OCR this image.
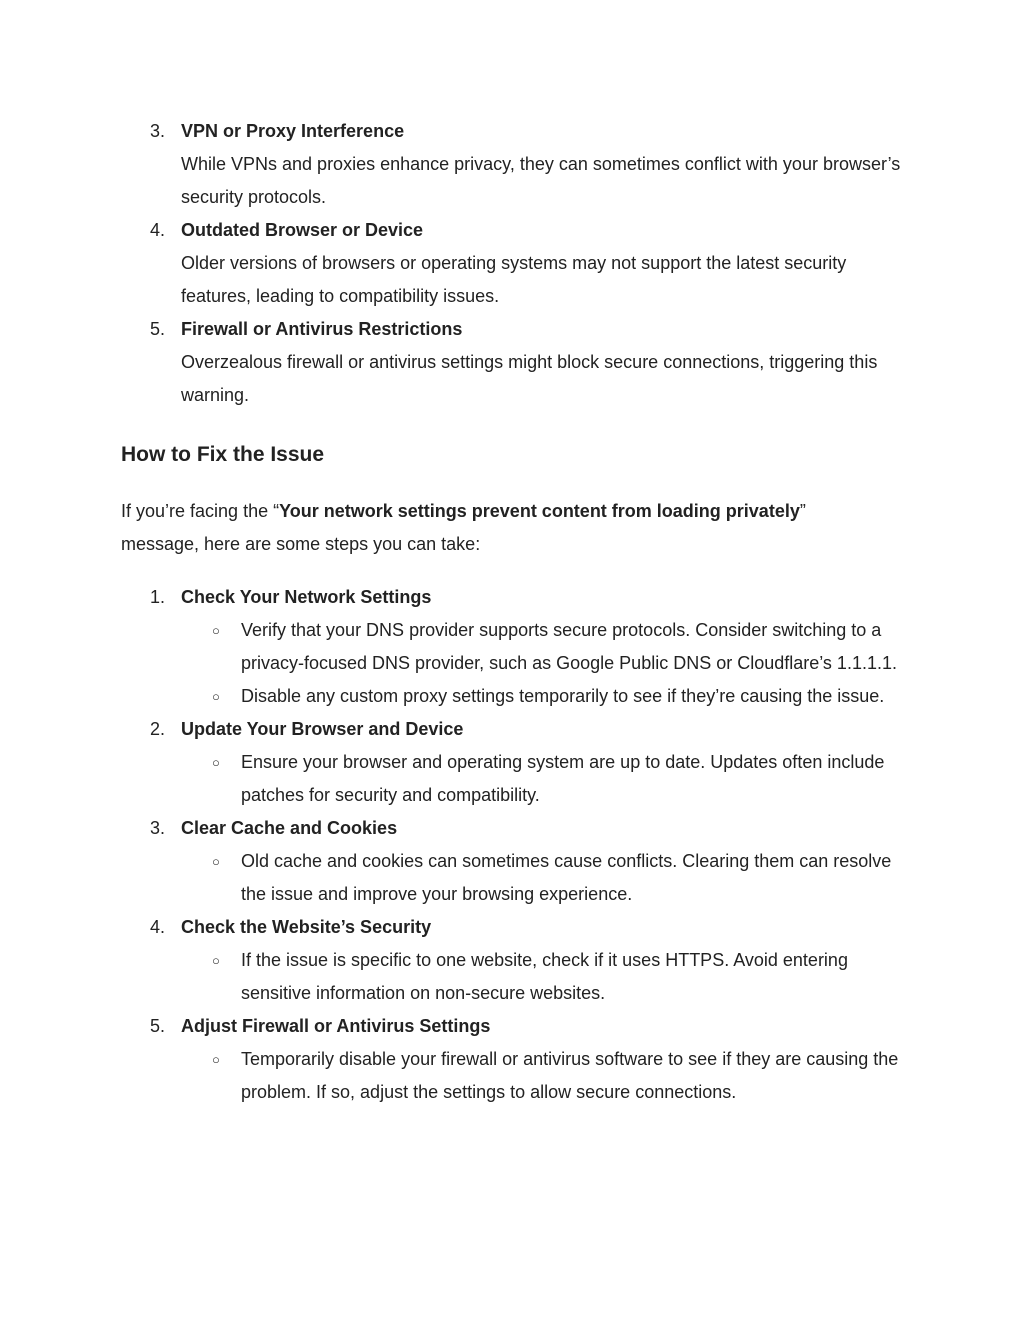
3. VPN or Proxy Interference
While VPNs and proxies enhance privacy, they can sometimes conflict with your browser’s security protocols.
4. Outdated Browser or Device
Older versions of browsers or operating systems may not support the latest security features, leading to compatibility issues.
5. Firewall or Antivirus Restrictions
Overzealous firewall or antivirus settings might block secure connections, triggering this warning.
How to Fix the Issue
If you’re facing the “Your network settings prevent content from loading privately” message, here are some steps you can take:
1. Check Your Network Settings
○ Verify that your DNS provider supports secure protocols. Consider switching to a privacy-focused DNS provider, such as Google Public DNS or Cloudflare’s 1.1.1.1.
○ Disable any custom proxy settings temporarily to see if they’re causing the issue.
2. Update Your Browser and Device
○ Ensure your browser and operating system are up to date. Updates often include patches for security and compatibility.
3. Clear Cache and Cookies
○ Old cache and cookies can sometimes cause conflicts. Clearing them can resolve the issue and improve your browsing experience.
4. Check the Website’s Security
○ If the issue is specific to one website, check if it uses HTTPS. Avoid entering sensitive information on non-secure websites.
5. Adjust Firewall or Antivirus Settings
○ Temporarily disable your firewall or antivirus software to see if they are causing the problem. If so, adjust the settings to allow secure connections.
